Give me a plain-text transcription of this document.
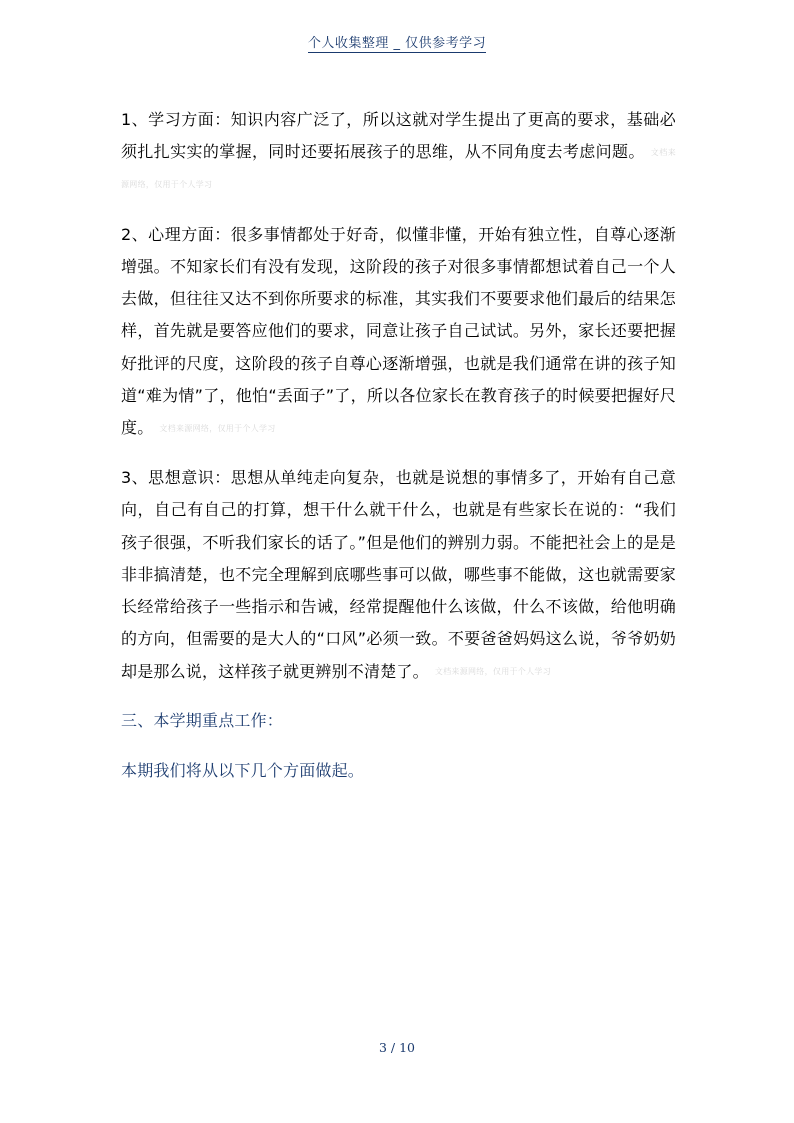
个人收集整理 _ 仅供参考学习

1、学习方面：知识内容广泛了，所以这就对学生提出了更高的要求，基础必须扎扎实实的掌握，同时还要拓展孩子的思维，从不同角度去考虑问题。 文档来源网络，仅用于个人学习

2、心理方面：很多事情都处于好奇，似懂非懂，开始有独立性，自尊心逐渐增强。不知家长们有没有发现，这阶段的孩子对很多事情都想试着自己一个人去做，但往往又达不到你所要求的标准，其实我们不要要求他们最后的结果怎样，首先就是要答应他们的要求，同意让孩子自己试试。另外，家长还要把握好批评的尺度，这阶段的孩子自尊心逐渐增强，也就是我们通常在讲的孩子知道“难为情”了，他怕“丢面子”了，所以各位家长在教育孩子的时候要把握好尺度。 文档来源网络，仅用于个人学习

3、思想意识：思想从单纯走向复杂，也就是说想的事情多了，开始有自己意向，自己有自己的打算，想干什么就干什么，也就是有些家长在说的：“我们孩子很强，不听我们家长的话了。”但是他们的辨别力弱。不能把社会上的是是非非搞清楚，也不完全理解到底哪些事可以做，哪些事不能做，这也就需要家长经常给孩子一些指示和告诫，经常提醒他什么该做，什么不该做，给他明确的方向，但需要的是大人的“口风”必须一致。不要爸爸妈妈这么说，爷爷奶奶却是那么说，这样孩子就更辨别不清楚了。 文档来源网络，仅用于个人学习

三、本学期重点工作：

本期我们将从以下几个方面做起。

3 / 10
